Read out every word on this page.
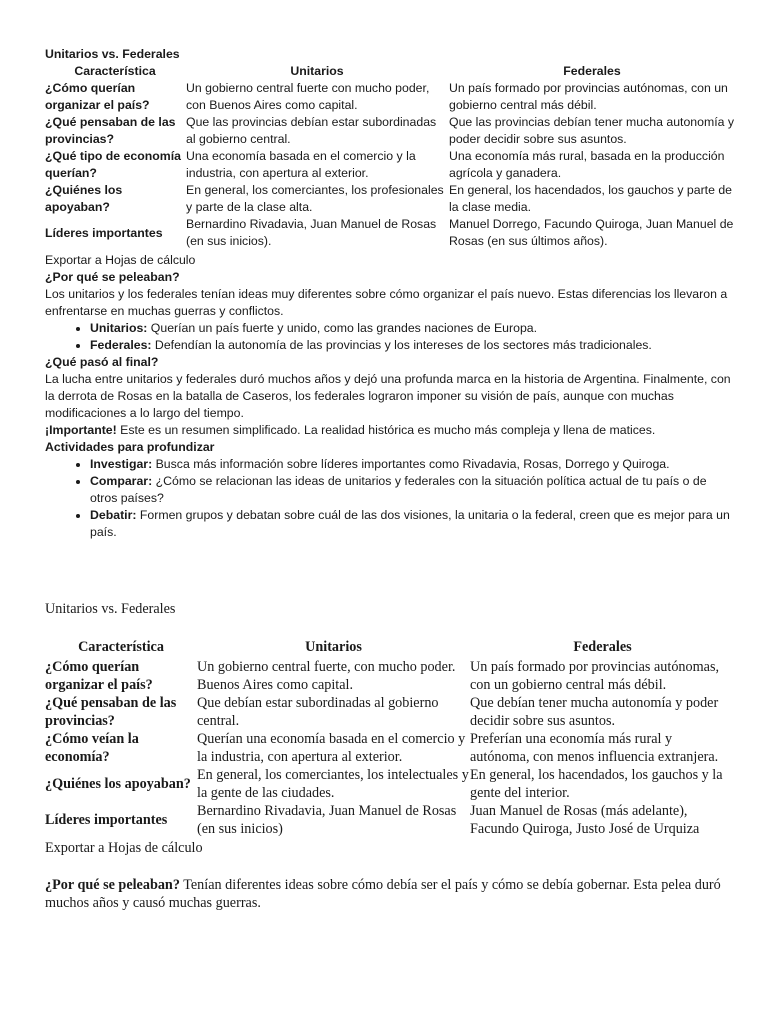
Unitarios vs. Federales
Característica	Unitarios	Federales
¿Cómo querían organizar el país?	Un gobierno central fuerte con mucho poder, con Buenos Aires como capital.	Un país formado por provincias autónomas, con un gobierno central más débil.
¿Qué pensaban de las provincias?	Que las provincias debían estar subordinadas al gobierno central.	Que las provincias debían tener mucha autonomía y poder decidir sobre sus asuntos.
¿Qué tipo de economía querían?	Una economía basada en el comercio y la industria, con apertura al exterior.	Una economía más rural, basada en la producción agrícola y ganadera.
¿Quiénes los apoyaban?	En general, los comerciantes, los profesionales y parte de la clase alta.	En general, los hacendados, los gauchos y parte de la clase media.
Líderes importantes	Bernardino Rivadavia, Juan Manuel de Rosas (en sus inicios).	Manuel Dorrego, Facundo Quiroga, Juan Manuel de Rosas (en sus últimos años).
Exportar a Hojas de cálculo
¿Por qué se peleaban?

Los unitarios y los federales tenían ideas muy diferentes sobre cómo organizar el país nuevo. Estas diferencias los llevaron a enfrentarse en muchas guerras y conflictos.

• Unitarios: Querían un país fuerte y unido, como las grandes naciones de Europa.
• Federales: Defendían la autonomía de las provincias y los intereses de los sectores más tradicionales.
¿Qué pasó al final?

La lucha entre unitarios y federales duró muchos años y dejó una profunda marca en la historia de Argentina. Finalmente, con la derrota de Rosas en la batalla de Caseros, los federales lograron imponer su visión de país, aunque con muchas modificaciones a lo largo del tiempo.

¡Importante! Este es un resumen simplificado. La realidad histórica es mucho más compleja y llena de matices.

Actividades para profundizar
• Investigar: Busca más información sobre líderes importantes como Rivadavia, Rosas, Dorrego y Quiroga.
• Comparar: ¿Cómo se relacionan las ideas de unitarios y federales con la situación política actual de tu país o de otros países?
• Debatir: Formen grupos y debatan sobre cuál de las dos visiones, la unitaria o la federal, creen que es mejor para un país.
Unitarios vs. Federales
Característica	Unitarios	Federales
¿Cómo querían organizar el país?	Un gobierno central fuerte, con mucho poder. Buenos Aires como capital.	Un país formado por provincias autónomas, con un gobierno central más débil.
¿Qué pensaban de las provincias?	Que debían estar subordinadas al gobierno central.	Que debían tener mucha autonomía y poder decidir sobre sus asuntos.
¿Cómo veían la economía?	Querían una economía basada en el comercio y la industria, con apertura al exterior.	Preferían una economía más rural y autónoma, con menos influencia extranjera.
¿Quiénes los apoyaban?	En general, los comerciantes, los intelectuales y la gente de las ciudades.	En general, los hacendados, los gauchos y la gente del interior.
Líderes importantes	Bernardino Rivadavia, Juan Manuel de Rosas (en sus inicios)	Juan Manuel de Rosas (más adelante), Facundo Quiroga, Justo José de Urquiza
Exportar a Hojas de cálculo

¿Por qué se peleaban? Tenían diferentes ideas sobre cómo debía ser el país y cómo se debía gobernar. Esta pelea duró muchos años y causó muchas guerras.
